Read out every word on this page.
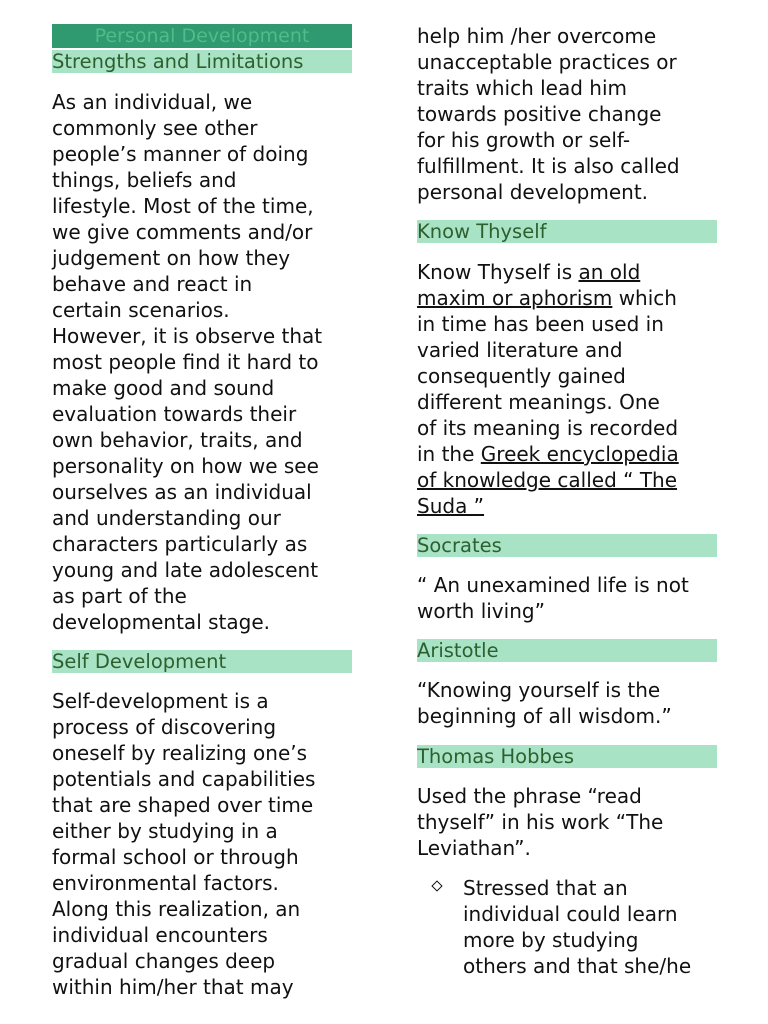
Personal Development
Strengths and Limitations

As an individual, we
commonly see other
people’s manner of doing
things, beliefs and
lifestyle. Most of the time,
we give comments and/or
judgement on how they
behave and react in
certain scenarios.
However, it is observe that
most people find it hard to
make good and sound
evaluation towards their
own behavior, traits, and
personality on how we see
ourselves as an individual
and understanding our
characters particularly as
young and late adolescent
as part of the
developmental stage.

Self Development

Self-development is a
process of discovering
oneself by realizing one’s
potentials and capabilities
that are shaped over time
either by studying in a
formal school or through
environmental factors.
Along this realization, an
individual encounters
gradual changes deep
within him/her that may

help him /her overcome
unacceptable practices or
traits which lead him
towards positive change
for his growth or self-
fulfillment. It is also called
personal development.

Know Thyself

Know Thyself is an old
maxim or aphorism which
in time has been used in
varied literature and
consequently gained
different meanings. One
of its meaning is recorded
in the Greek encyclopedia
of knowledge called “ The
Suda ”

Socrates

“ An unexamined life is not
worth living”

Aristotle

“Knowing yourself is the
beginning of all wisdom.”

Thomas Hobbes

Used the phrase “read
thyself” in his work “The
Leviathan”.

Stressed that an
individual could learn
more by studying
others and that she/he
